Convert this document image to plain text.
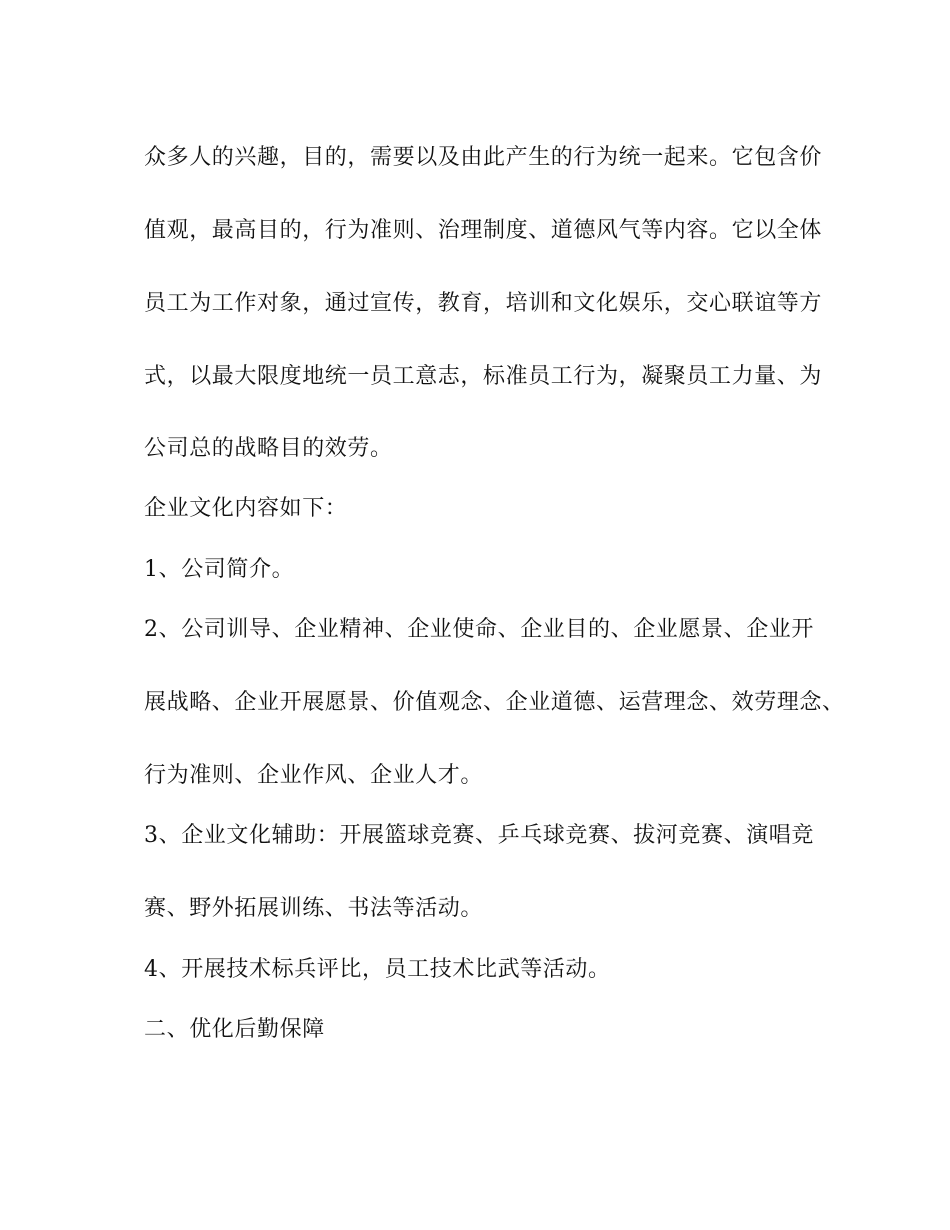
众多人的兴趣，目的，需要以及由此产生的行为统一起来。它包含价
值观，最高目的，行为准则、治理制度、道德风气等内容。它以全体
员工为工作对象，通过宣传，教育，培训和文化娱乐，交心联谊等方
式，以最大限度地统一员工意志，标准员工行为，凝聚员工力量、为
公司总的战略目的效劳。
企业文化内容如下：
1、公司简介。
2、公司训导、企业精神、企业使命、企业目的、企业愿景、企业开
展战略、企业开展愿景、价值观念、企业道德、运营理念、效劳理念、
行为准则、企业作风、企业人才。
3、企业文化辅助：开展篮球竞赛、乒乓球竞赛、拔河竞赛、演唱竞
赛、野外拓展训练、书法等活动。
4、开展技术标兵评比，员工技术比武等活动。
二、优化后勤保障
